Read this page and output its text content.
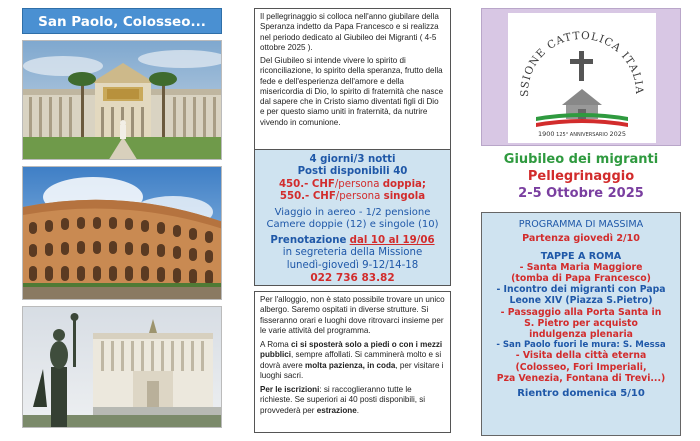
San Paolo, Colosseo...	Il pellegrinaggio si colloca nell'anno giubilare della Speranza indetto da Papa Francesco e si realizza nel periodo dedicato al Giubileo dei Migranti ( 4-5 ottobre 2025 ).

Del Giubileo si intende vivere lo spirito di riconciliazione, lo spirito della speranza, frutto della fede e dell'esperienza dell'amore e della misericordia di Dio, lo spirito di fraternità che nasce dal sapere che in Cristo siamo diventati figli di Dio e per questo siamo uniti in fraternità, da nutrire vivendo in comunione.

4 giorni/3 notti
Posti disponibili 40
450.- CHF/persona doppia;
550.- CHF/persona singola
Viaggio in aereo - 1/2 pensione
Camere doppie (12) e singole (10)
Prenotazione dal 10 al 19/06
in segreteria della Missione
lunedì-giovedì 9-12/14-18
022 736 83.82

Per l'alloggio, non è stato possibile trovare un unico albergo. Saremo ospitati in diverse strutture. Si fisseranno orari e luoghi dove ritrovarci insieme per le varie attività del programma.

A Roma ci si sposterà solo a piedi o con i mezzi pubblici, sempre affollati. Si camminerà molto e si dovrà avere molta pazienza, in coda, per visitare i luoghi sacri.

Per le iscrizioni: si raccoglieranno tutte le richieste. Se superiori ai 40 posti disponibili, si provvederà per estrazione.

SSIONE CATTOLICA ITALIA
1900 125° ANNIVERSARIO 2025
Giubileo dei migranti
Pellegrinaggio
2-5 Ottobre 2025
PROGRAMMA DI MASSIMA
Partenza giovedì 2/10
TAPPE A ROMA
- Santa Maria Maggiore
(tomba di Papa Francesco)
- Incontro dei migranti con Papa
Leone XIV (Piazza S.Pietro)
- Passaggio alla Porta Santa in
S. Pietro per acquisto
indulgenza plenaria
- San Paolo fuori le mura: S. Messa
- Visita della città eterna
(Colosseo, Fori Imperiali,
Pza Venezia, Fontana di Trevi...)
Rientro domenica 5/10
